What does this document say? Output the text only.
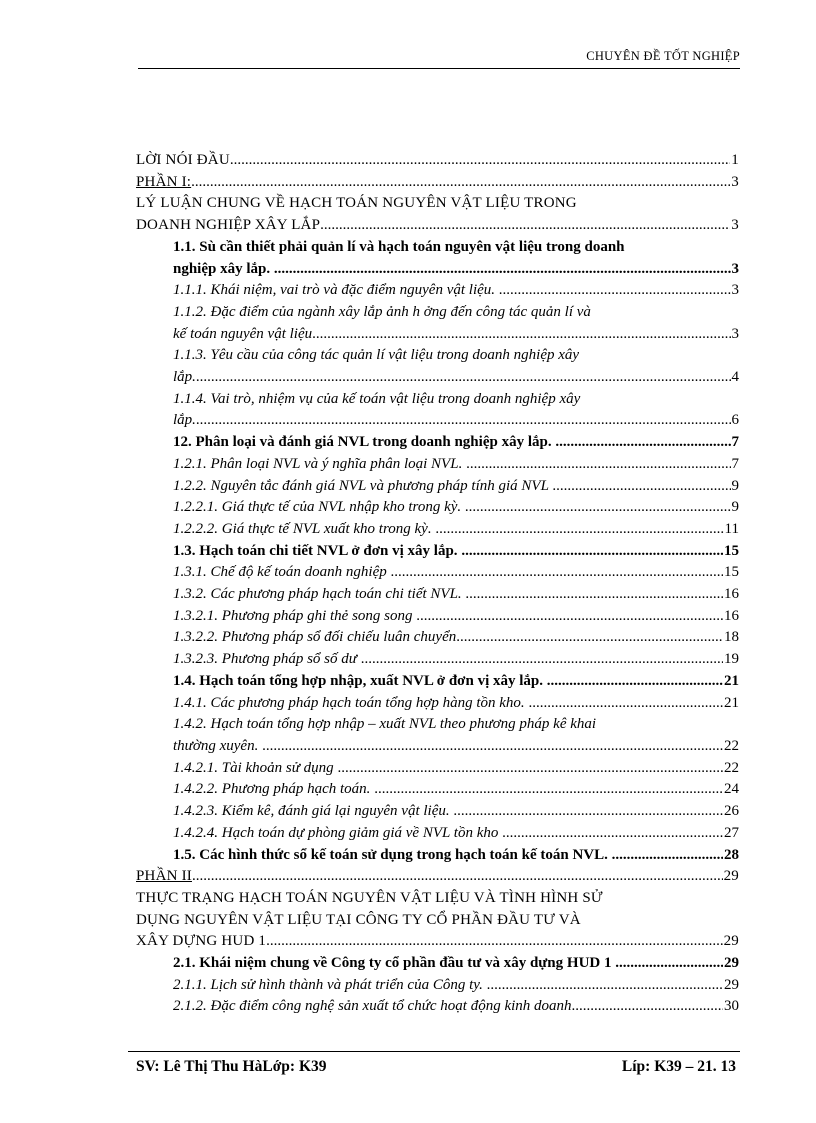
CHUYÊN ĐỀ TỐT NGHIỆP
LỜI NÓI ĐẦU .....	1
PHẦN I: .....	3
LÝ LUẬN CHUNG VỀ HẠCH TOÁN NGUYÊN VẬT LIỆU TRONG
DOANH NGHIỆP XÂY LẮP .....	3
1.1. Sù cần thiết phải quản lí và hạch toán nguyên vật liệu trong doanh
nghiệp xây lắp. .....	3
1.1.1. Khái niệm, vai trò và đặc điểm nguyên vật liệu. .....	3
1.1.2. Đặc điểm của ngành xây lắp ảnh h ởng đến công tác quản lí và
kế toán nguyên vật liệu .....	3
1.1.3. Yêu cầu của công tác quản lí vật liệu trong doanh nghiệp xây
lắp. .....	4
1.1.4. Vai trò, nhiệm vụ của kế toán vật liệu trong doanh nghiệp xây
lắp. .....	6
12. Phân loại và đánh giá NVL trong doanh nghiệp xây lắp. .....	7
1.2.1. Phân loại NVL và ý nghĩa phân loại NVL. .....	7
1.2.2. Nguyên tắc đánh giá NVL và phương pháp tính giá NVL .....	9
1.2.2.1. Giá thực tế của NVL nhập kho trong kỳ. .....	9
1.2.2.2. Giá thực tế NVL xuất kho trong kỳ. .....	11
1.3. Hạch toán chi tiết NVL ở đơn vị xây lắp. .....	15
1.3.1. Chế độ kế toán doanh nghiệp .....	15
1.3.2. Các phương pháp hạch toán chi tiết NVL. .....	16
1.3.2.1. Phương pháp ghi thẻ song song .....	16
1.3.2.2. Phương pháp sổ đối chiếu luân chuyển .....	18
1.3.2.3. Phương pháp sổ số dư .....	19
1.4. Hạch toán tổng hợp nhập, xuất NVL ở đơn vị xây lắp. .....	21
1.4.1. Các phương pháp hạch toán tổng hợp hàng tồn kho. .....	21
1.4.2. Hạch toán tổng hợp nhập – xuất NVL theo phương pháp kê khai
thường xuyên. .....	22
1.4.2.1. Tài khoản sử dụng .....	22
1.4.2.2. Phương pháp hạch toán. .....	24
1.4.2.3. Kiểm kê, đánh giá lại nguyên vật liệu. .....	26
1.4.2.4. Hạch toán dự phòng giảm giá về NVL tồn kho .....	27
1.5. Các hình thức sổ kế toán sử dụng trong hạch toán kế toán NVL. .....	28
PHẦN II .....	29
THỰC TRẠNG HẠCH TOÁN NGUYÊN VẬT LIỆU VÀ TÌNH HÌNH SỬ
DỤNG NGUYÊN VẬT LIỆU TẠI CÔNG TY CỔ PHẦN ĐẦU TƯ VÀ
XÂY DỰNG HUD 1 .....	29
2.1. Khái niệm chung về Công ty cổ phần đầu tư và xây dựng HUD 1 .....	29
2.1.1. Lịch sử hình thành và phát triển của Công ty. .....	29
2.1.2. Đặc điểm công nghệ sản xuất tổ chức hoạt động kinh doanh .....	30
SV: Lê Thị Thu HàLớp: K39	Líp: K39 – 21. 13
